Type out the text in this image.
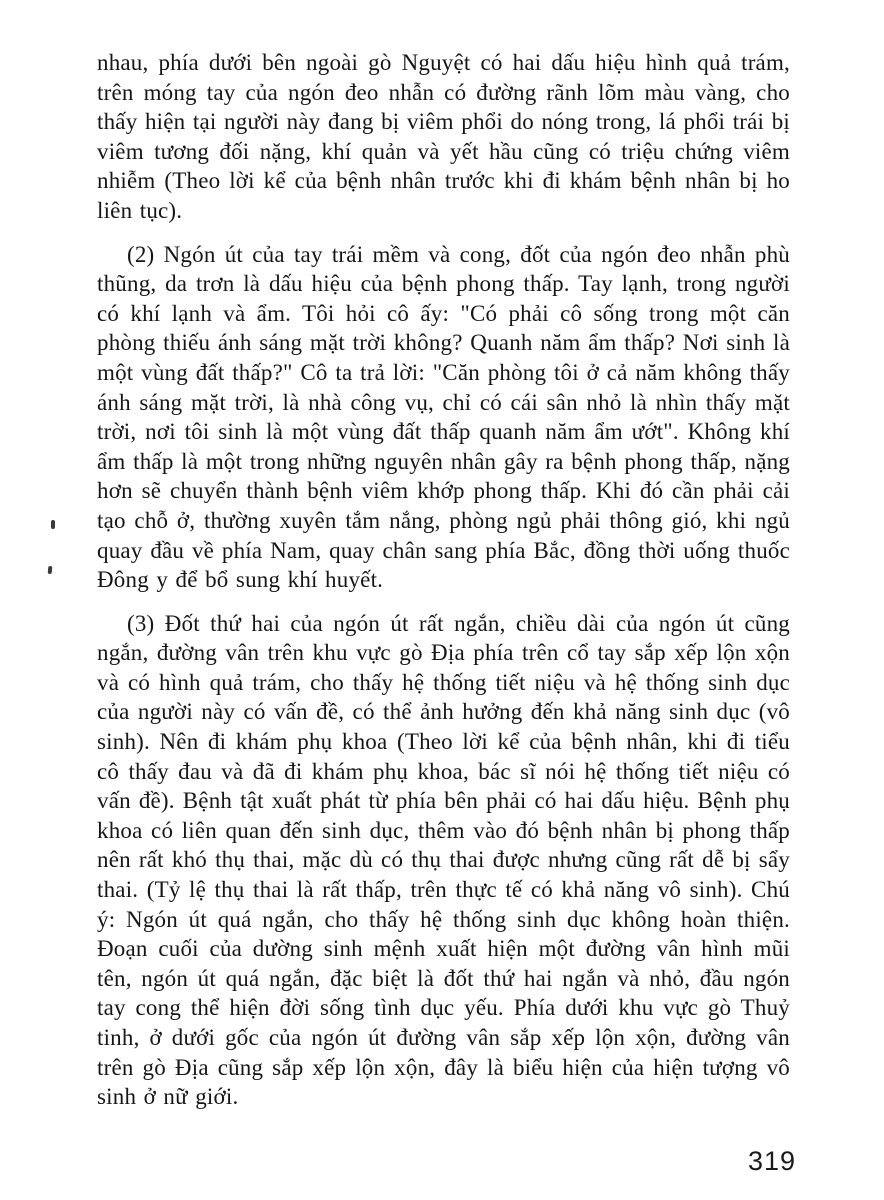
nhau, phía dưới bên ngoài gò Nguyệt có hai dấu hiệu hình quả trám, trên móng tay của ngón đeo nhẫn có đường rãnh lõm màu vàng, cho thấy hiện tại người này đang bị viêm phổi do nóng trong, lá phổi trái bị viêm tương đối nặng, khí quản và yết hầu cũng có triệu chứng viêm nhiễm (Theo lời kể của bệnh nhân trước khi đi khám bệnh nhân bị ho liên tục).

(2) Ngón út của tay trái mềm và cong, đốt của ngón đeo nhẫn phù thũng, da trơn là dấu hiệu của bệnh phong thấp. Tay lạnh, trong người có khí lạnh và ẩm. Tôi hỏi cô ấy: "Có phải cô sống trong một căn phòng thiếu ánh sáng mặt trời không? Quanh năm ẩm thấp? Nơi sinh là một vùng đất thấp?" Cô ta trả lời: "Căn phòng tôi ở cả năm không thấy ánh sáng mặt trời, là nhà công vụ, chỉ có cái sân nhỏ là nhìn thấy mặt trời, nơi tôi sinh là một vùng đất thấp quanh năm ẩm ướt". Không khí ẩm thấp là một trong những nguyên nhân gây ra bệnh phong thấp, nặng hơn sẽ chuyển thành bệnh viêm khớp phong thấp. Khi đó cần phải cải tạo chỗ ở, thường xuyên tắm nắng, phòng ngủ phải thông gió, khi ngủ quay đầu về phía Nam, quay chân sang phía Bắc, đồng thời uống thuốc Đông y để bổ sung khí huyết.

(3) Đốt thứ hai của ngón út rất ngắn, chiều dài của ngón út cũng ngắn, đường vân trên khu vực gò Địa phía trên cổ tay sắp xếp lộn xộn và có hình quả trám, cho thấy hệ thống tiết niệu và hệ thống sinh dục của người này có vấn đề, có thể ảnh hưởng đến khả năng sinh dục (vô sinh). Nên đi khám phụ khoa (Theo lời kể của bệnh nhân, khi đi tiểu cô thấy đau và đã đi khám phụ khoa, bác sĩ nói hệ thống tiết niệu có vấn đề). Bệnh tật xuất phát từ phía bên phải có hai dấu hiệu. Bệnh phụ khoa có liên quan đến sinh dục, thêm vào đó bệnh nhân bị phong thấp nên rất khó thụ thai, mặc dù có thụ thai được nhưng cũng rất dễ bị sẩy thai. (Tỷ lệ thụ thai là rất thấp, trên thực tế có khả năng vô sinh). Chú ý: Ngón út quá ngắn, cho thấy hệ thống sinh dục không hoàn thiện. Đoạn cuối của dường sinh mệnh xuất hiện một đường vân hình mũi tên, ngón út quá ngắn, đặc biệt là đốt thứ hai ngắn và nhỏ, đầu ngón tay cong thể hiện đời sống tình dục yếu. Phía dưới khu vực gò Thuỷ tinh, ở dưới gốc của ngón út đường vân sắp xếp lộn xộn, đường vân trên gò Địa cũng sắp xếp lộn xộn, đây là biểu hiện của hiện tượng vô sinh ở nữ giới.

319
